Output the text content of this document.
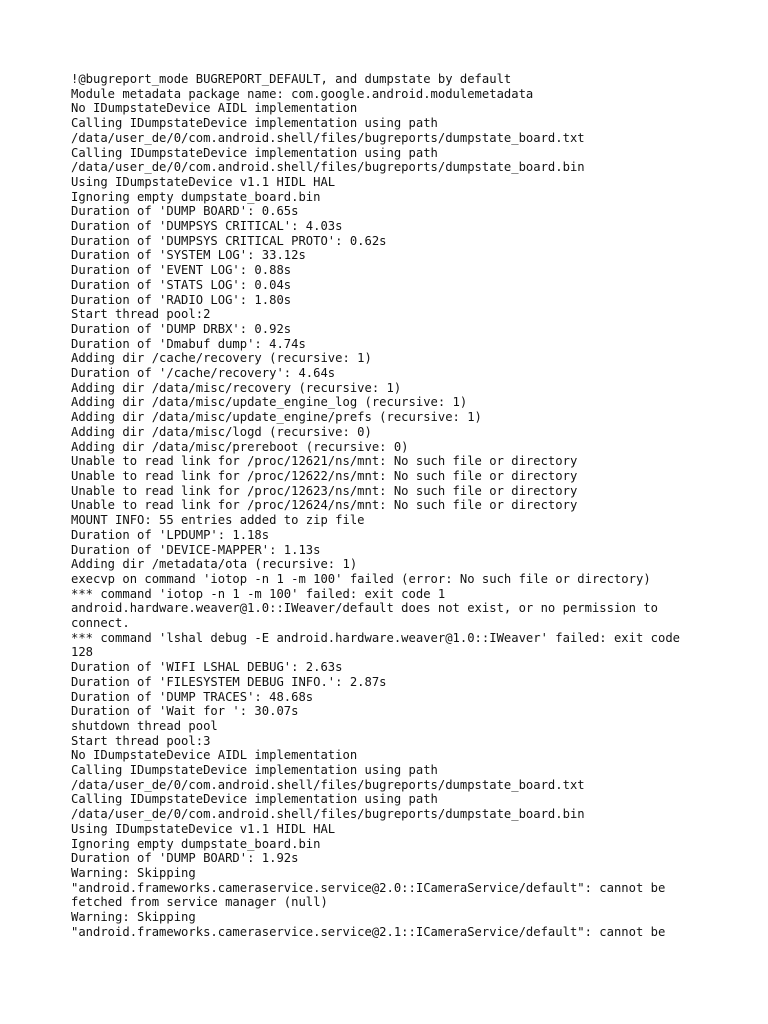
!@bugreport_mode BUGREPORT_DEFAULT, and dumpstate by default
Module metadata package name: com.google.android.modulemetadata
No IDumpstateDevice AIDL implementation
Calling IDumpstateDevice implementation using path
/data/user_de/0/com.android.shell/files/bugreports/dumpstate_board.txt
Calling IDumpstateDevice implementation using path
/data/user_de/0/com.android.shell/files/bugreports/dumpstate_board.bin
Using IDumpstateDevice v1.1 HIDL HAL
Ignoring empty dumpstate_board.bin
Duration of 'DUMP BOARD': 0.65s
Duration of 'DUMPSYS CRITICAL': 4.03s
Duration of 'DUMPSYS CRITICAL PROTO': 0.62s
Duration of 'SYSTEM LOG': 33.12s
Duration of 'EVENT LOG': 0.88s
Duration of 'STATS LOG': 0.04s
Duration of 'RADIO LOG': 1.80s
Start thread pool:2
Duration of 'DUMP DRBX': 0.92s
Duration of 'Dmabuf dump': 4.74s
Adding dir /cache/recovery (recursive: 1)
Duration of '/cache/recovery': 4.64s
Adding dir /data/misc/recovery (recursive: 1)
Adding dir /data/misc/update_engine_log (recursive: 1)
Adding dir /data/misc/update_engine/prefs (recursive: 1)
Adding dir /data/misc/logd (recursive: 0)
Adding dir /data/misc/prereboot (recursive: 0)
Unable to read link for /proc/12621/ns/mnt: No such file or directory
Unable to read link for /proc/12622/ns/mnt: No such file or directory
Unable to read link for /proc/12623/ns/mnt: No such file or directory
Unable to read link for /proc/12624/ns/mnt: No such file or directory
MOUNT INFO: 55 entries added to zip file
Duration of 'LPDUMP': 1.18s
Duration of 'DEVICE-MAPPER': 1.13s
Adding dir /metadata/ota (recursive: 1)
execvp on command 'iotop -n 1 -m 100' failed (error: No such file or directory)
*** command 'iotop -n 1 -m 100' failed: exit code 1
android.hardware.weaver@1.0::IWeaver/default does not exist, or no permission to
connect.
*** command 'lshal debug -E android.hardware.weaver@1.0::IWeaver' failed: exit code
128
Duration of 'WIFI LSHAL DEBUG': 2.63s
Duration of 'FILESYSTEM DEBUG INFO.': 2.87s
Duration of 'DUMP TRACES': 48.68s
Duration of 'Wait for ': 30.07s
shutdown thread pool
Start thread pool:3
No IDumpstateDevice AIDL implementation
Calling IDumpstateDevice implementation using path
/data/user_de/0/com.android.shell/files/bugreports/dumpstate_board.txt
Calling IDumpstateDevice implementation using path
/data/user_de/0/com.android.shell/files/bugreports/dumpstate_board.bin
Using IDumpstateDevice v1.1 HIDL HAL
Ignoring empty dumpstate_board.bin
Duration of 'DUMP BOARD': 1.92s
Warning: Skipping
"android.frameworks.cameraservice.service@2.0::ICameraService/default": cannot be
fetched from service manager (null)
Warning: Skipping
"android.frameworks.cameraservice.service@2.1::ICameraService/default": cannot be
